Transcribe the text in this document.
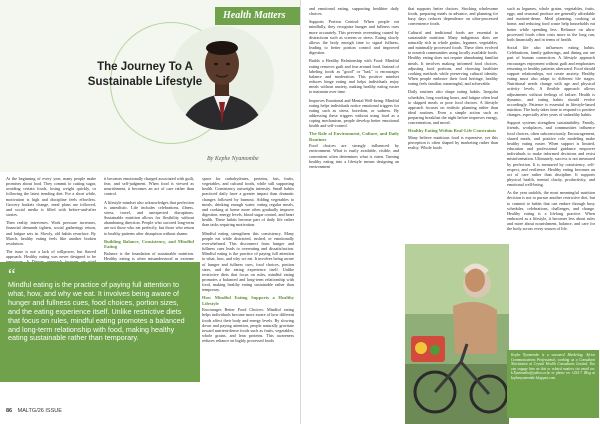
Health Matters
The Journey To A
Sustainable Lifestyle
By Kephe Nyamombe

At the beginning of every year, many people make promises about food. They commit to cutting sugar, avoiding certain foods, losing weight quickly, or following the latest trending diet. For a short while, motivation is high and discipline feels effortless. Grocery baskets change, meal plans are followed, and social media is filled with before-and-after stories.

Then reality intervenes. Work pressure increases, financial demands tighten, social gatherings return, and fatigue sets in. Slowly, old habits resurface. By March, healthy eating feels like another broken resolution.

The issue is not a lack of willpower, but flawed approach. Healthy eating was never designed to be

it becomes emotionally charged associated with guilt, fear, and self-judgment. When food is viewed as nourishment, it becomes an act of care rather than control.

A lifestyle mindset also acknowledges that perfection is unrealistic. Life includes celebrations, illness, stress, travel, and unexpected disruptions. Sustainable nutrition allows for flexibility without abandoning direction. People who succeed long-term are not those who eat perfectly, but those who return to healthy patterns after disruption without shame.

Building Balance, Consistency, and Mindful Eating

Balance is the foundation of sustainable nutrition. Healthy eating is often misunderstood as extreme

space for carbohydrates, proteins, fats, fruits, vegetables, and cultural foods, while still supporting health. Consistency outweighs intensity. Small habits practiced daily have a greater impact than dramatic changes followed by burnout. Adding vegetables to meals, drinking enough water, eating regular meals, and cooking at home more often gradually improve digestion, energy levels, blood sugar control, and heart health. These habits become part of daily life rather than tasks requiring motivation.

Mindful eating strengthens this consistency. Many people eat while distracted, rushed, or emotionally overwhelmed. This disconnect from hunger and fullness cues leads to overeating and dissatisfaction. Mindful eating is the practice of paying full attention to what, how, and why we eat. It involves being aware of hunger and fullness cues, food choices, portion sizes, and the eating experience itself. Unlike restrictive diets that focus on rules, mindful eating promotes a balanced and long-term relationship with food, making healthy eating sustainable rather than temporary.

How Mindful Eating Supports a Healthy Lifestyle

Encourages Better Food Choices: Mindful eating helps individuals become more aware of how different foods affect their body and energy levels. By slowing down and paying attention, people naturally gravitate toward nutrient-dense foods such as fruits, vegetables, whole grains, and lean proteins. This awareness reduces reliance on highly processed foods

“
Mindful eating is the practice of paying full attention to what, how, and why we eat. It involves being aware of hunger and fullness cues, food choices, portion sizes, and the eating experience itself. Unlike restrictive diets that focus on rules, mindful eating promotes a balanced and long-term relationship with food, making healthy eating sustainable rather than temporary.
86 MALTG/26 ISSUE

and emotional eating, supporting healthier daily choices.

Supports Portion Control: When people eat mindfully, they recognize hunger and fullness cues more accurately. This prevents overeating caused by distractions such as screens or stress. Eating slowly allows the body enough time to signal fullness, leading to better portion control and improved digestion.

Builds a Healthy Relationship with Food: Mindful eating removes guilt and fear around food. Instead of labeling foods as "good" or "bad," it encourages balance and moderation. This positive mindset reduces binge eating and helps individuals enjoy meals without anxiety, making healthy eating easier to maintain over time.

Improves Emotional and Mental Well-being: Mindful eating helps individuals notice emotional triggers for eating such as stress, boredom, or sadness. By addressing these triggers without using food as a coping mechanism, people develop better emotional health and self-control.

The Role of Environment, Culture, and Daily Routines

Food choices are strongly influenced by environment. What is easily available, visible, and convenient often determines what is eaten. Turning healthy eating into a lifestyle means designing an environment

that supports better choices. Stocking wholesome foods, preparing meals in advance, and planning for busy days reduces dependence on ultra-processed convenience foods.

Cultural and traditional foods are essential to sustainable nutrition. Many indigenous diets are naturally rich in whole grains, legumes, vegetables, and minimally processed foods. These diets evolved to nourish communities using locally available foods. Healthy eating does not require abandoning familiar meals. It involves making informed food choices, adjusting food portions, and choosing healthier cooking methods while preserving cultural identity. When people embrace their food heritage, healthy eating feels familiar, meaningful, and achievable.

Daily routines also shape eating habits. Irregular schedules, long working hours, and fatigue often lead to skipped meals or poor food choices. A lifestyle approach focuses on realistic planning rather than ideal routines. Even a simple action such as preparing breakfast the night before improves energy, concentration, and mood.

Healthy Eating Within Real-Life Constraints

Many believe nutritious food is expensive, yet this perception is often shaped by marketing rather than reality. Whole foods

such as legumes, whole grains, vegetables, fruits, eggs, and seasonal produce are generally affordable and nutrient-dense. Meal planning, cooking at home, and reducing food waste help households eat better while spending less. Reliance on ultra-processed foods often costs more in the long run, both financially and in terms of health.

Social life also influences eating habits. Celebrations, family gatherings, and dining out are part of human connection. A lifestyle approach encourages enjoyment without guilt and emphasizes returning to healthy patterns afterward. Food should support relationships, not create anxiety. Healthy eating must also adapt to different life stages. Nutritional needs change with age and physical activity levels. A flexible approach allows adjustments without feelings of failure. Health is dynamic, and eating habits should evolve accordingly. Patience is essential in lifestyle-based nutrition. The body takes time to respond to positive changes, especially after years of unhealthy habits.

Support systems strengthen sustainability. Family, friends, workplaces, and communities influence food choices, often subconsciously. Encouragement, shared meals, and positive role modeling make healthy eating easier. When support is limited, education and professional guidance empower individuals to make informed decisions and resist misinformation. Ultimately, success is not measured by perfection. It is measured by consistency, self-respect, and resilience. Healthy eating becomes an act of care rather than discipline. It supports physical health, mental clarity, productivity, and emotional well-being.

As the year unfolds, the most meaningful nutrition decision is not to pursue another restrictive diet, but to commit to habits that can endure through busy schedules, celebrations, challenges, and change. Healthy eating is a lifelong practice. When embraced as a lifestyle, it becomes less about rules and more about nourishment, balance, and care for the body across every season of life.

Kephe Nyamombe is a seasoned Marketing, Africa Communications Professional, working as a Consultant Nutritionist at Crystal Health Consultants Limited. You can engage him on this or related matters via email on: k.Nyamombe@yahoo.co.ke or phone on +254 7. Blog at kephenyamombe.blogspot.com.
